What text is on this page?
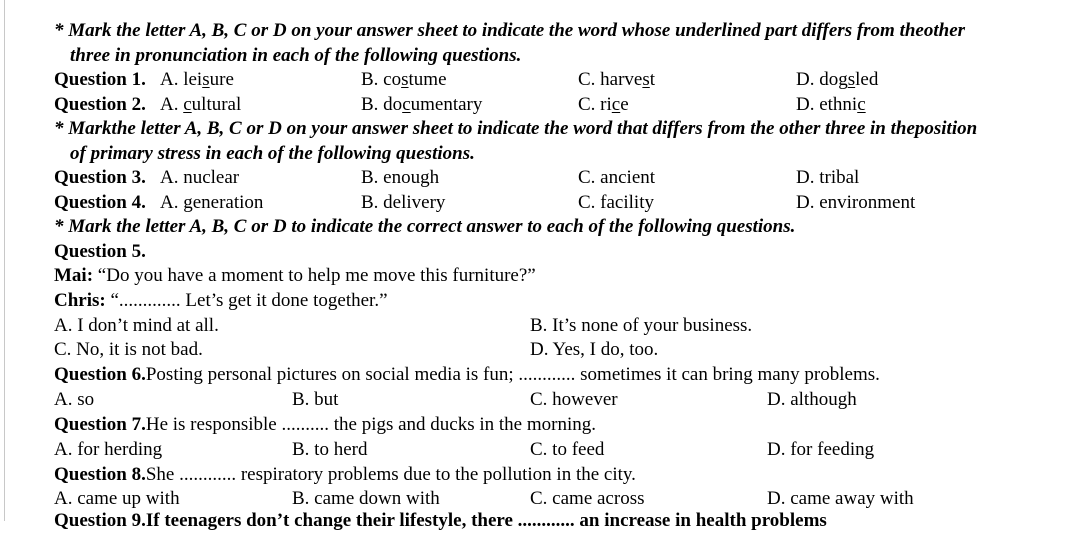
* Mark the letter A, B, C or D on your answer sheet to indicate the word whose underlined part differs from theother
three in pronunciation in each of the following questions.
Question 1. A. leisure	B. costume	C. harvest	D. dogsled
Question 2. A. cultural	B. documentary	C. rice	D. ethnic
* Markthe letter A, B, C or D on your answer sheet to indicate the word that differs from the other three in theposition
of primary stress in each of the following questions.
Question 3. A. nuclear	B. enough	C. ancient	D. tribal
Question 4. A. generation	B. delivery	C. facility	D. environment
* Mark the letter A, B, C or D to indicate the correct answer to each of the following questions.
Question 5.
Mai: “Do you have a moment to help me move this furniture?”
Chris: “............. Let’s get it done together.”
A. I don’t mind at all.	B. It’s none of your business.
C. No, it is not bad.	D. Yes, I do, too.
Question 6.Posting personal pictures on social media is fun; ............ sometimes it can bring many problems.
A. so	B. but	C. however	D. although
Question 7.He is responsible .......... the pigs and ducks in the morning.
A. for herding	B. to herd	C. to feed	D. for feeding
Question 8.She ............ respiratory problems due to the pollution in the city.
A. came up with	B. came down with	C. came across	D. came away with
Question 9.If teenagers don’t change their lifestyle, there ............ an increase in health problems
